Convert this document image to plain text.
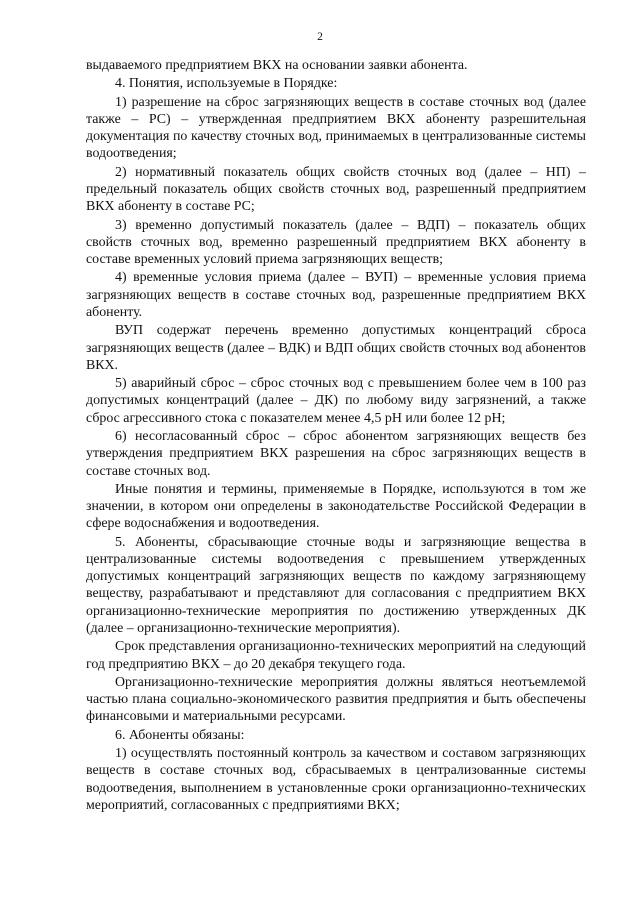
2

выдаваемого предприятием ВКХ на основании заявки абонента.

4. Понятия, используемые в Порядке:

1) разрешение на сброс загрязняющих веществ в составе сточных вод (далее также – РС) – утвержденная предприятием ВКХ абоненту разрешительная документация по качеству сточных вод, принимаемых в централизованные системы водоотведения;

2) нормативный показатель общих свойств сточных вод (далее – НП) – предельный показатель общих свойств сточных вод, разрешенный предприятием ВКХ абоненту в составе РС;

3) временно допустимый показатель (далее – ВДП) – показатель общих свойств сточных вод, временно разрешенный предприятием ВКХ абоненту в составе временных условий приема загрязняющих веществ;

4) временные условия приема (далее – ВУП) – временные условия приема загрязняющих веществ в составе сточных вод, разрешенные предприятием ВКХ абоненту.

ВУП содержат перечень временно допустимых концентраций сброса загрязняющих веществ (далее – ВДК) и ВДП общих свойств сточных вод абонентов ВКХ.

5) аварийный сброс – сброс сточных вод с превышением более чем в 100 раз допустимых концентраций (далее – ДК) по любому виду загрязнений, а также сброс агрессивного стока с показателем менее 4,5 pH или более 12 pH;

6) несогласованный сброс – сброс абонентом загрязняющих веществ без утверждения предприятием ВКХ разрешения на сброс загрязняющих веществ в составе сточных вод.

Иные понятия и термины, применяемые в Порядке, используются в том же значении, в котором они определены в законодательстве Российской Федерации в сфере водоснабжения и водоотведения.

5. Абоненты, сбрасывающие сточные воды и загрязняющие вещества в централизованные системы водоотведения с превышением утвержденных допустимых концентраций загрязняющих веществ по каждому загрязняющему веществу, разрабатывают и представляют для согласования с предприятием ВКХ организационно-технические мероприятия по достижению утвержденных ДК (далее – организационно-технические мероприятия).

Срок представления организационно-технических мероприятий на следующий год предприятию ВКХ – до 20 декабря текущего года.

Организационно-технические мероприятия должны являться неотъемлемой частью плана социально-экономического развития предприятия и быть обеспечены финансовыми и материальными ресурсами.

6. Абоненты обязаны:

1) осуществлять постоянный контроль за качеством и составом загрязняющих веществ в составе сточных вод, сбрасываемых в централизованные системы водоотведения, выполнением в установленные сроки организационно-технических мероприятий, согласованных с предприятиями ВКХ;
